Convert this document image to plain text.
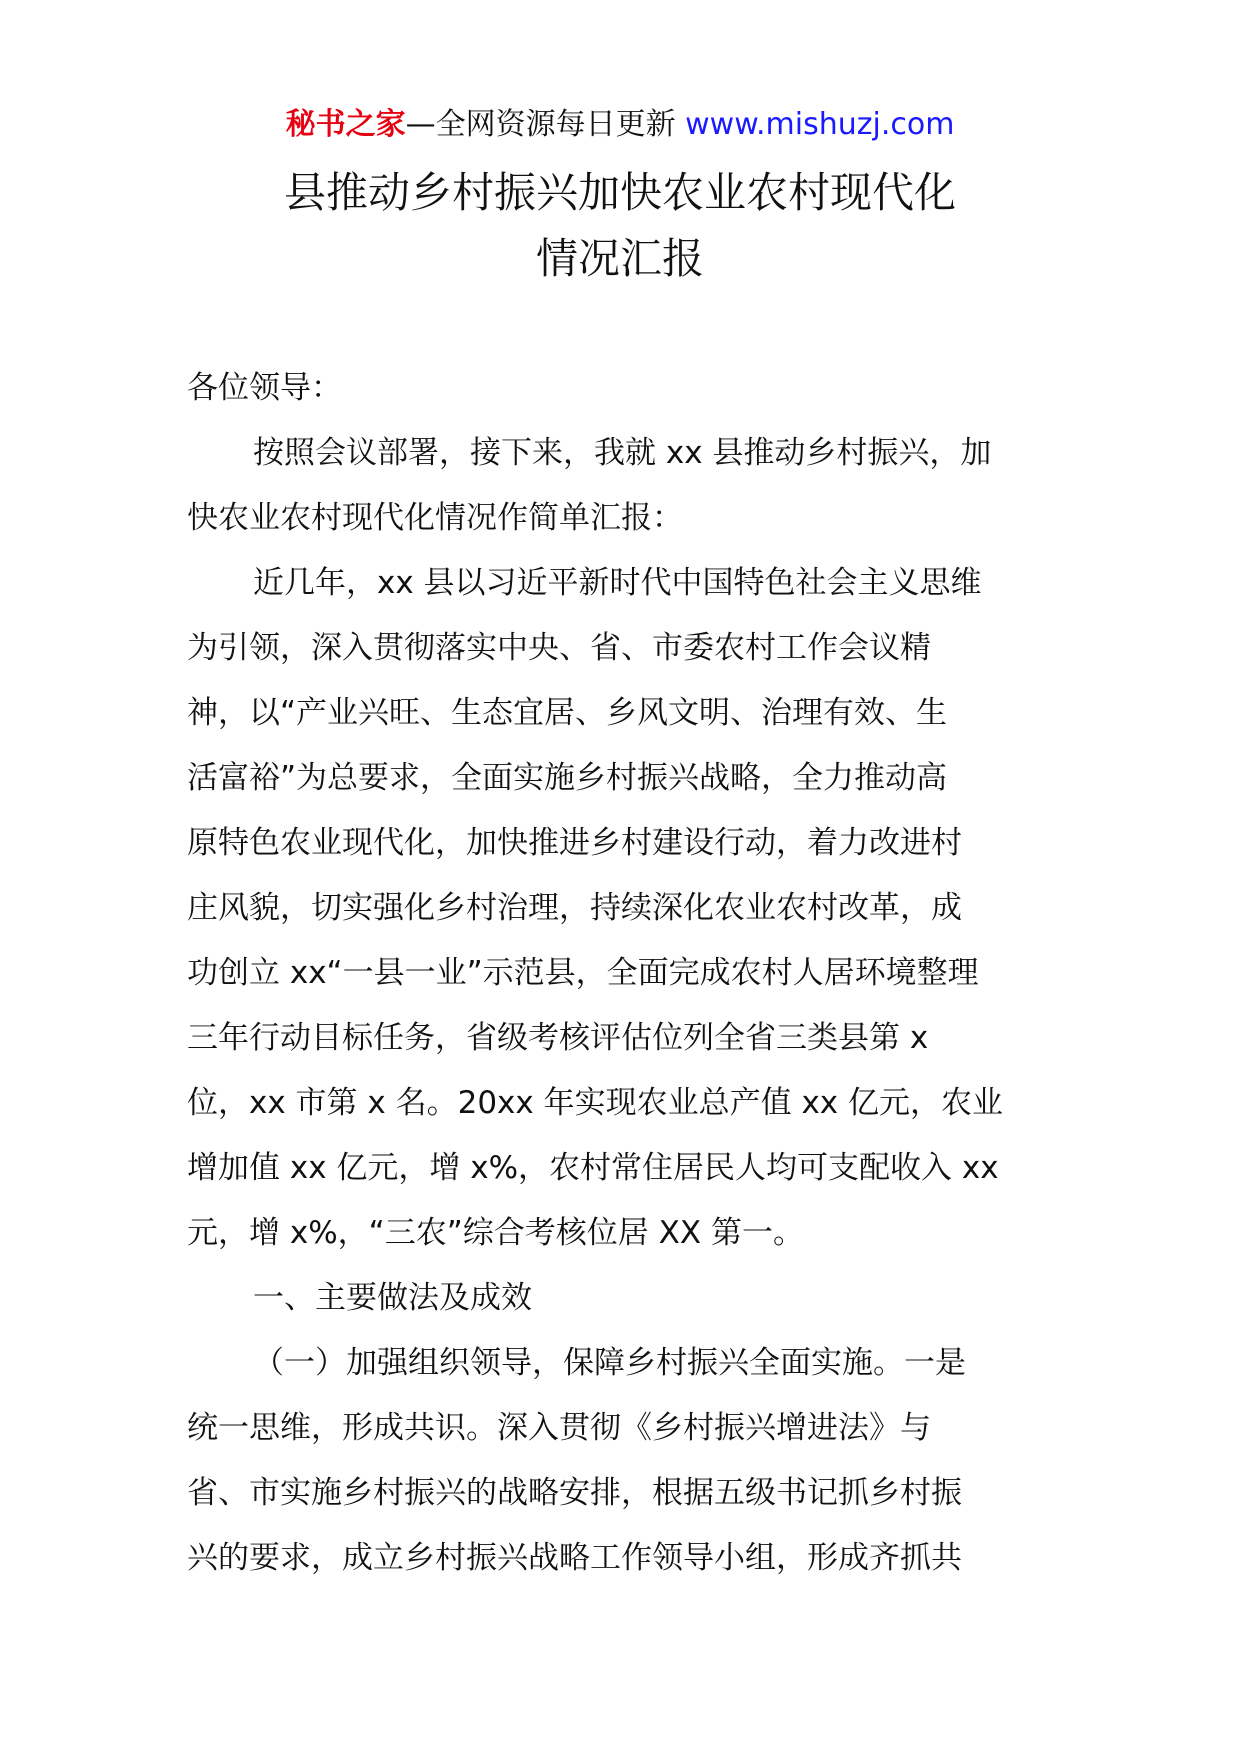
秘书之家—全网资源每日更新 www.mishuzj.com
县推动乡村振兴加快农业农村现代化
情况汇报

各位领导：

按照会议部署，接下来，我就 xx 县推动乡村振兴，加

快农业农村现代化情况作简单汇报：

近几年，xx 县以习近平新时代中国特色社会主义思维

为引领，深入贯彻落实中央、省、市委农村工作会议精

神，以“产业兴旺、生态宜居、乡风文明、治理有效、生

活富裕”为总要求，全面实施乡村振兴战略，全力推动高

原特色农业现代化，加快推进乡村建设行动，着力改进村

庄风貌，切实强化乡村治理，持续深化农业农村改革，成

功创立 xx“一县一业”示范县，全面完成农村人居环境整理

三年行动目标任务，省级考核评估位列全省三类县第 x

位，xx 市第 x 名。20xx 年实现农业总产值 xx 亿元，农业

增加值 xx 亿元，增 x%，农村常住居民人均可支配收入 xx

元，增 x%，“三农”综合考核位居 XX 第一。

一、主要做法及成效

（一）加强组织领导，保障乡村振兴全面实施。一是

统一思维，形成共识。深入贯彻《乡村振兴增进法》与

省、市实施乡村振兴的战略安排，根据五级书记抓乡村振

兴的要求，成立乡村振兴战略工作领导小组，形成齐抓共
